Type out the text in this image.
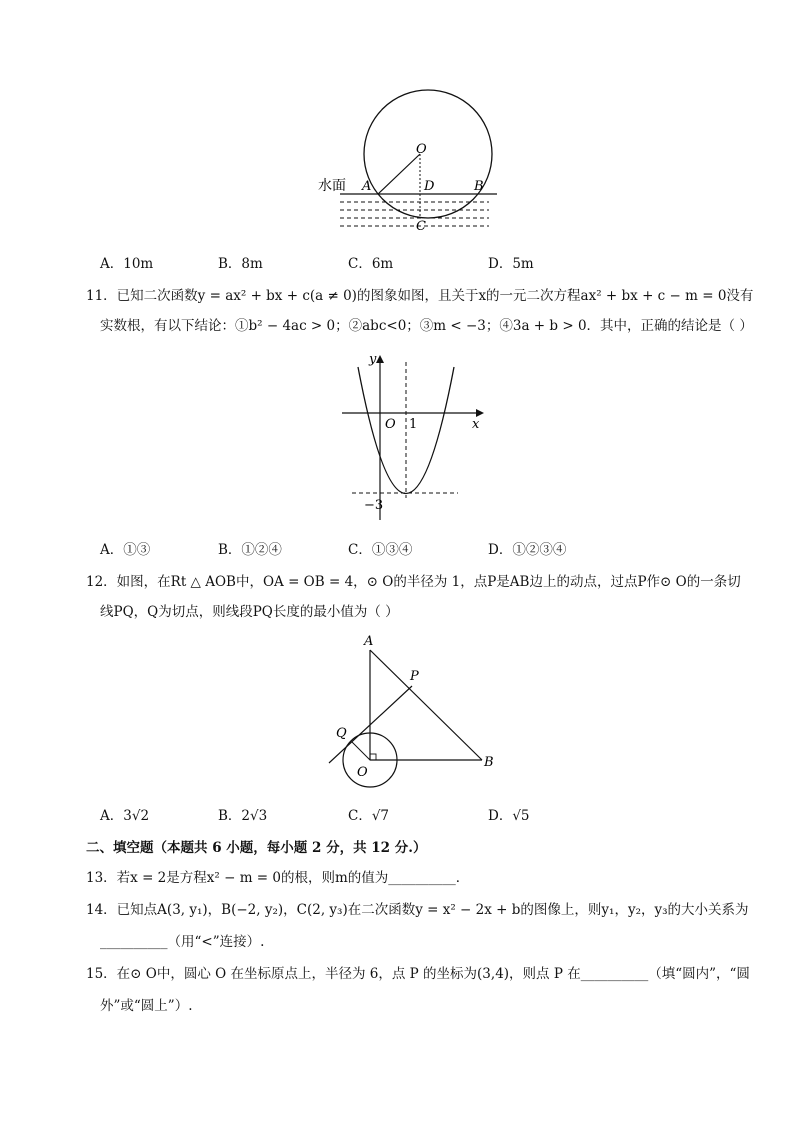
水面
O
A	D	B
C
A．10m	B．8m	C．6m	D．5m
11．已知二次函数y = ax² + bx + c(a ≠ 0)的图象如图，且关于x的一元二次方程ax² + bx + c − m = 0没有
实数根，有以下结论：①b² − 4ac > 0；②abc<0；③m < −3；④3a + b > 0．其中，正确的结论是（ ）
y
x
O 1
−3
A．①③	B．①②④	C．①③④	D．①②③④
12．如图，在Rt △ AOB中，OA = OB = 4，⊙ O的半径为 1，点P是AB边上的动点，过点P作⊙ O的一条切
线PQ，Q为切点，则线段PQ长度的最小值为（ ）
A
P
Q
O
B
A．3√2	B．2√3	C．√7	D．√5
二、填空题（本题共 6 小题，每小题 2 分，共 12 分.）
13．若x = 2是方程x² − m = 0的根，则m的值为__________．
14．已知点A(3, y₁)，B(−2, y₂)，C(2, y₃)在二次函数y = x² − 2x + b的图像上，则y₁，y₂，y₃的大小关系为
__________（用“<”连接）.
15．在⊙ O中，圆心 O 在坐标原点上，半径为 6，点 P 的坐标为(3,4)，则点 P 在__________（填“圆内”，“圆
外”或“圆上”）.
